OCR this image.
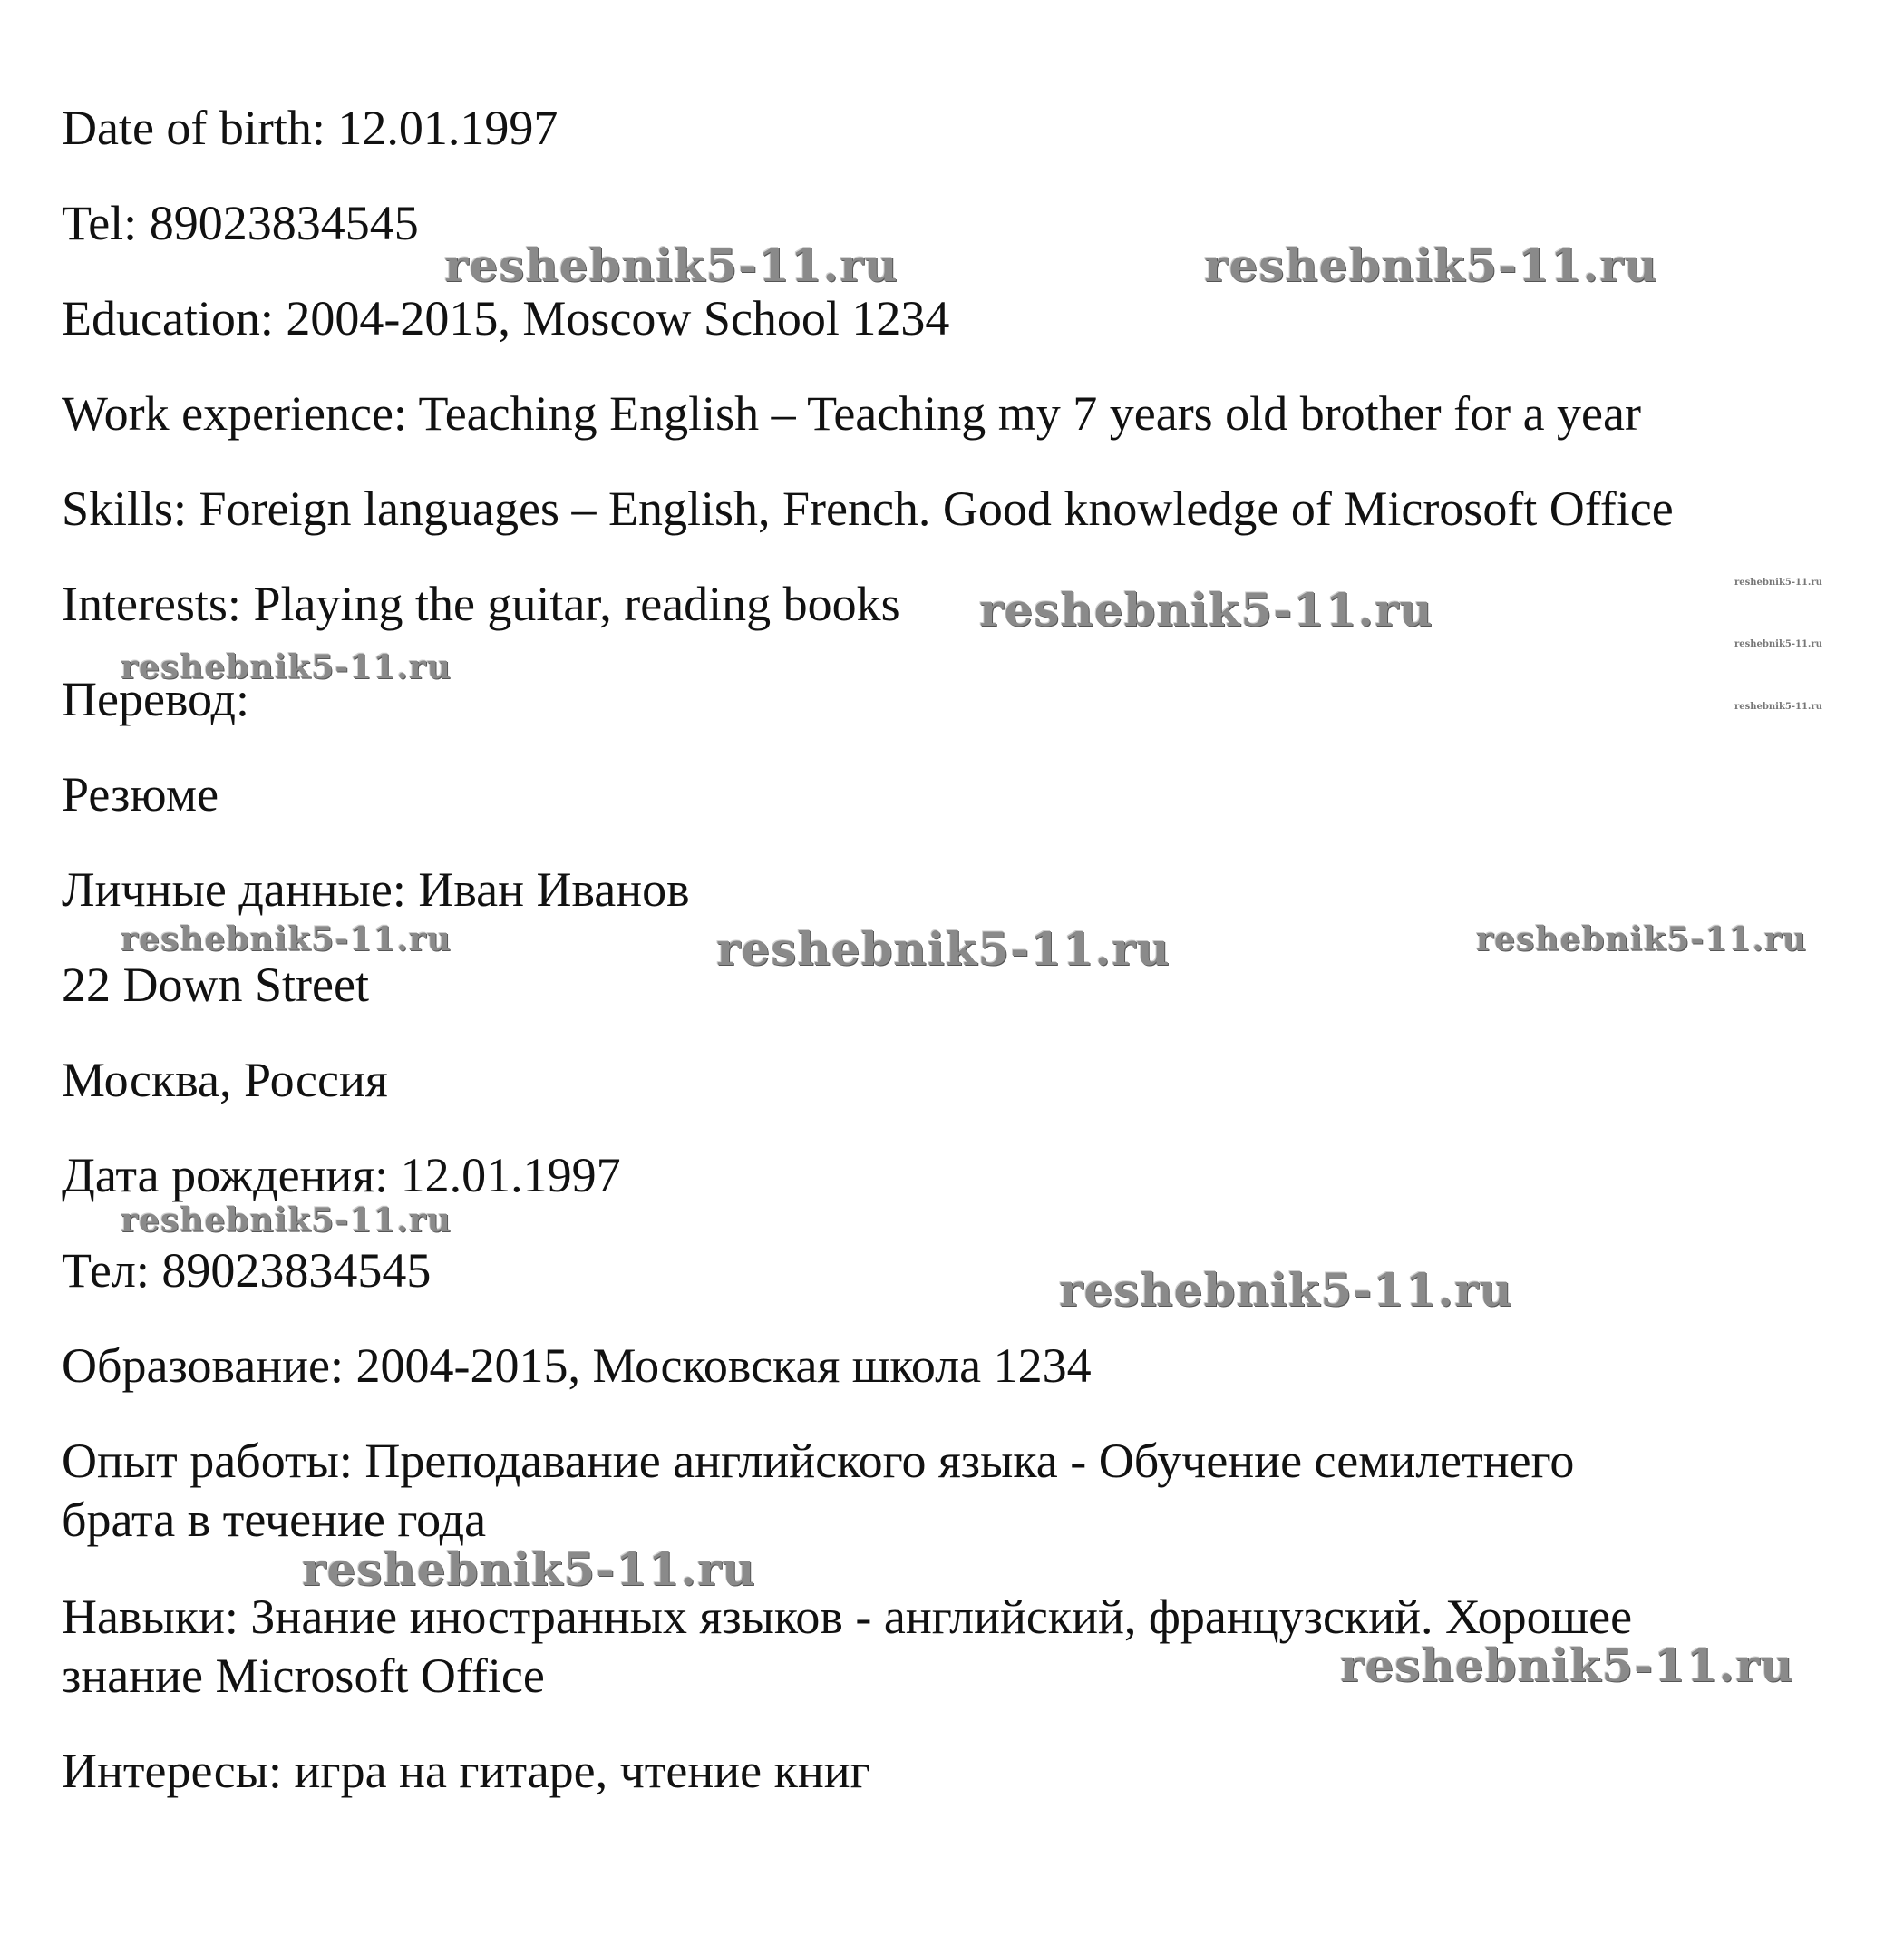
Date of birth: 12.01.1997

Tel: 89023834545

Education: 2004-2015, Moscow School 1234

Work experience: Teaching English – Teaching my 7 years old brother for a year

Skills: Foreign languages – English, French. Good knowledge of Microsoft Office

Interests: Playing the guitar, reading books

Перевод:

Резюме

Личные данные: Иван Иванов

22 Down Street

Москва, Россия

Дата рождения: 12.01.1997

Тел: 89023834545

Образование: 2004-2015, Московская школа 1234

Опыт работы: Преподавание английского языка - Обучение семилетнего

брата в течение года

Навыки: Знание иностранных языков - английский, французский. Хорошее

знание Microsoft Office

Интересы: игра на гитаре, чтение книг

reshebnik5-11.ru	reshebnik5-11.ru
reshebnik5-11.ru
reshebnik5-11.ru
reshebnik5-11.ru
reshebnik5-11.ru
reshebnik5-11.ru
reshebnik5-11.ru	reshebnik5-11.ru	reshebnik5-11.ru
reshebnik5-11.ru
reshebnik5-11.ru
reshebnik5-11.ru
reshebnik5-11.ru
